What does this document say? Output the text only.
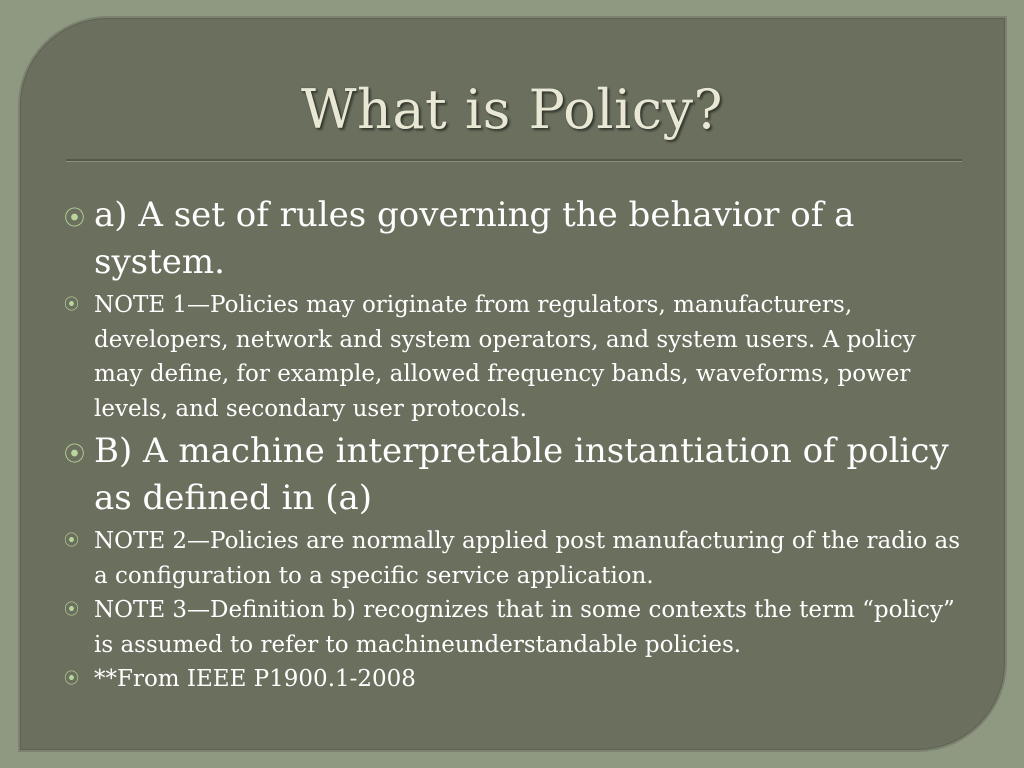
What is Policy?
⦿ a) A set of rules governing the behavior of a system.
⦿ NOTE 1—Policies may originate from regulators, manufacturers, developers, network and system operators, and system users. A policy may define, for example, allowed frequency bands, waveforms, power levels, and secondary user protocols.
⦿ B) A machine interpretable instantiation of policy as defined in (a)
⦿ NOTE 2—Policies are normally applied post manufacturing of the radio as a configuration to a specific service application.
⦿ NOTE 3—Definition b) recognizes that in some contexts the term “policy” is assumed to refer to machineunderstandable policies.
⦿ **From IEEE P1900.1-2008
